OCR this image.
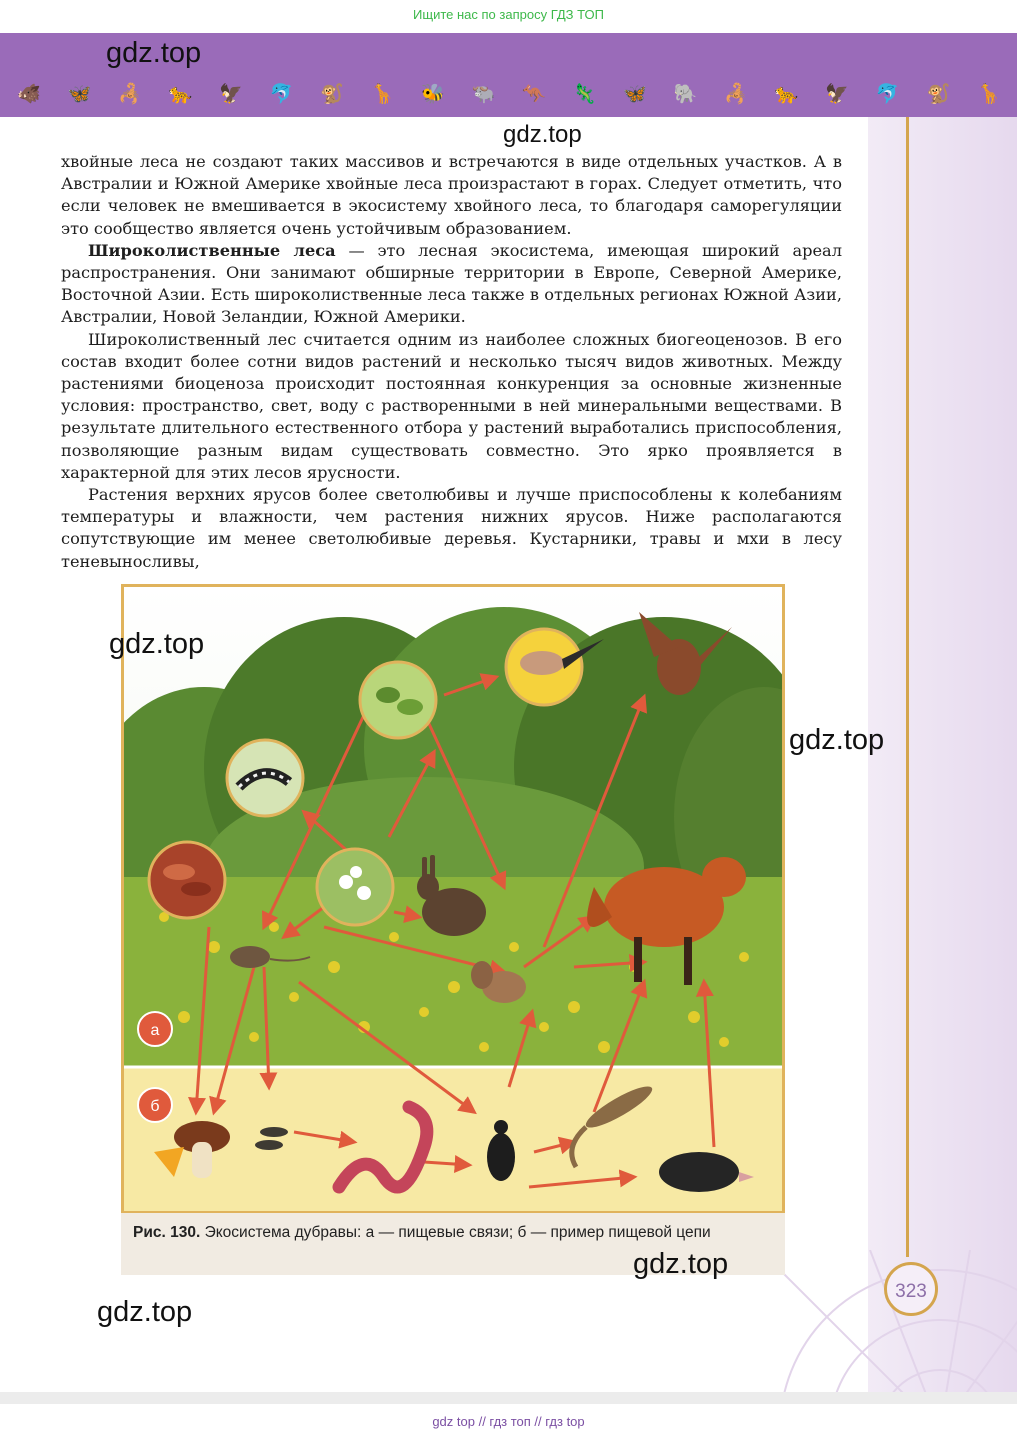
Ищите нас по запросу ГДЗ ТОП
🐗 🦋 🦂 🐆 🦅 🐬 🐒 🦒 🐝 🐃 🦘 🦎 🦋 🐘 🦂 🐆 🦅 🐬 🐒 🦒
323
gdz.top
gdz.top

хвойные леса не создают таких массивов и встречаются в виде отдельных участков. А в Австралии и Южной Америке хвойные леса произрастают в горах. Следует отметить, что если человек не вмешивается в экосистему хвойного леса, то благодаря саморегуляции это сообщество является очень устойчивым образованием.

Широколиственные леса — это лесная экосистема, имеющая широкий ареал распространения. Они занимают обширные территории в Европе, Северной Америке, Восточной Азии. Есть широколиственные леса также в отдельных регионах Южной Азии, Австралии, Новой Зеландии, Южной Америки.

Широколиственный лес считается одним из наиболее сложных биогеоценозов. В его состав входит более сотни видов растений и несколько тысяч видов животных. Между растениями биоценоза происходит постоянная конкуренция за основные жизненные условия: пространство, свет, воду с растворенными в ней минеральными веществами. В результате длительного естественного отбора у растений выработались приспособления, позволяющие разным видам существовать совместно. Это ярко проявляется в характерной для этих лесов ярусности.

Растения верхних ярусов более светолюбивы и лучше приспособлены к колебаниям температуры и влажности, чем растения нижних ярусов. Ниже располагаются сопутствующие им менее светолюбивые деревья. Кустарники, травы и мхи в лесу теневыносливы,

а
б
Рис. 130. Экосистема дубравы: а — пищевые связи; б — пример пищевой цепи
gdz.top
gdz.top
gdz.top
gdz.top
gdz top // гдз топ // гдз top
